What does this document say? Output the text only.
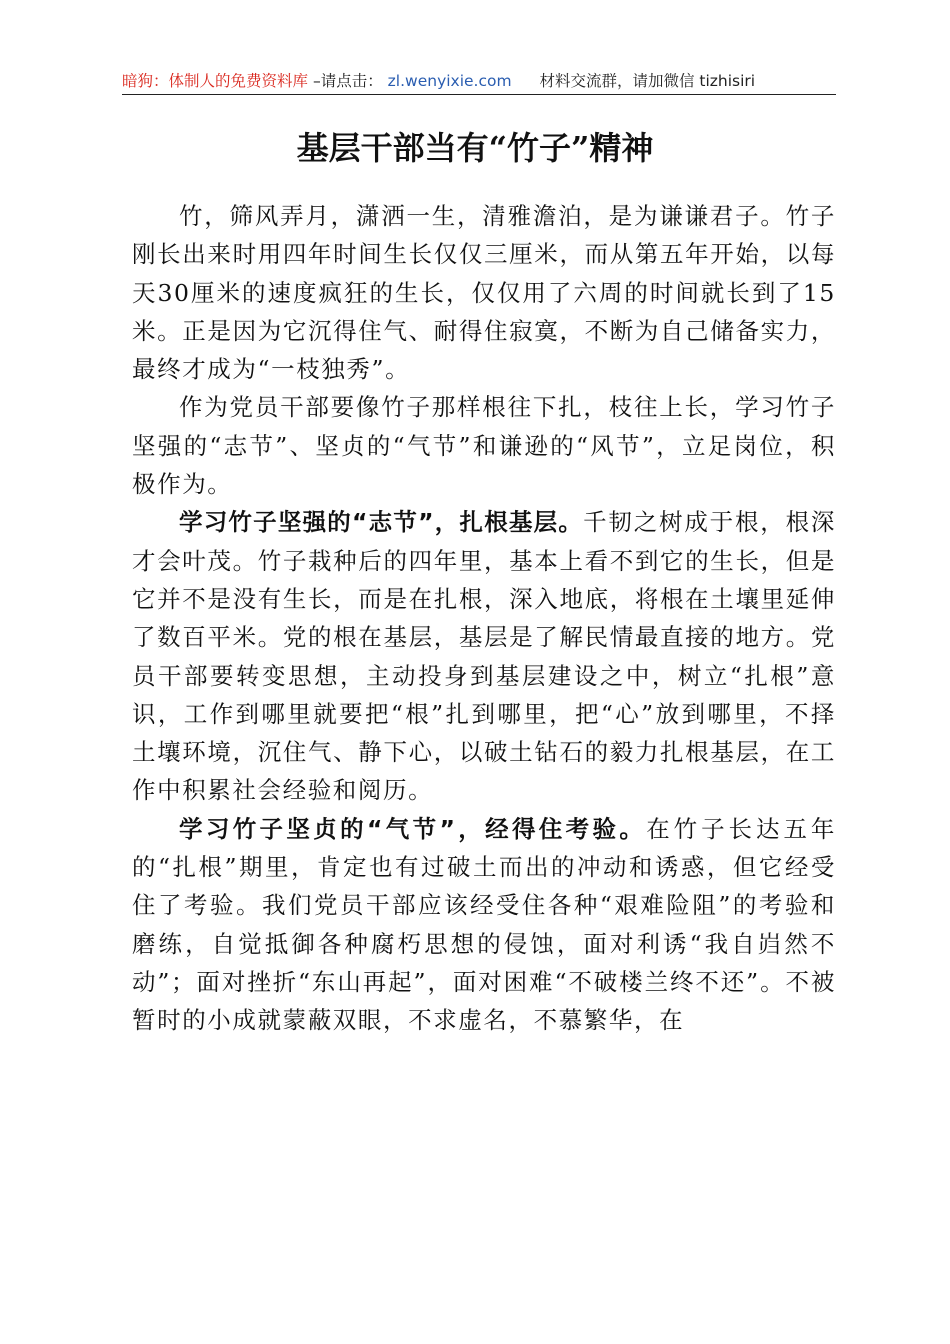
暗狗：体制人的免费资料库 –请点击： zl.wenyixie.com 材料交流群，请加微信 tizhisiri
基层干部当有“竹子”精神

竹，筛风弄月，潇洒一生，清雅澹泊，是为谦谦君子。竹子刚长出来时用四年时间生长仅仅三厘米，而从第五年开始，以每天30厘米的速度疯狂的生长，仅仅用了六周的时间就长到了15米。正是因为它沉得住气、耐得住寂寞，不断为自己储备实力，最终才成为“一枝独秀”。

作为党员干部要像竹子那样根往下扎，枝往上长，学习竹子坚强的“志节”、坚贞的“气节”和谦逊的“风节”，立足岗位，积极作为。

学习竹子坚强的“志节”，扎根基层。千韧之树成于根，根深才会叶茂。竹子栽种后的四年里，基本上看不到它的生长，但是它并不是没有生长，而是在扎根，深入地底，将根在土壤里延伸了数百平米。党的根在基层，基层是了解民情最直接的地方。党员干部要转变思想，主动投身到基层建设之中，树立“扎根”意识，工作到哪里就要把“根”扎到哪里，把“心”放到哪里，不择土壤环境，沉住气、静下心，以破土钻石的毅力扎根基层，在工作中积累社会经验和阅历。

学习竹子坚贞的“气节”，经得住考验。在竹子长达五年的“扎根”期里，肯定也有过破土而出的冲动和诱惑，但它经受住了考验。我们党员干部应该经受住各种“艰难险阻”的考验和磨练，自觉抵御各种腐朽思想的侵蚀，面对利诱“我自岿然不动”；面对挫折“东山再起”，面对困难“不破楼兰终不还”。不被暂时的小成就蒙蔽双眼，不求虚名，不慕繁华，在
